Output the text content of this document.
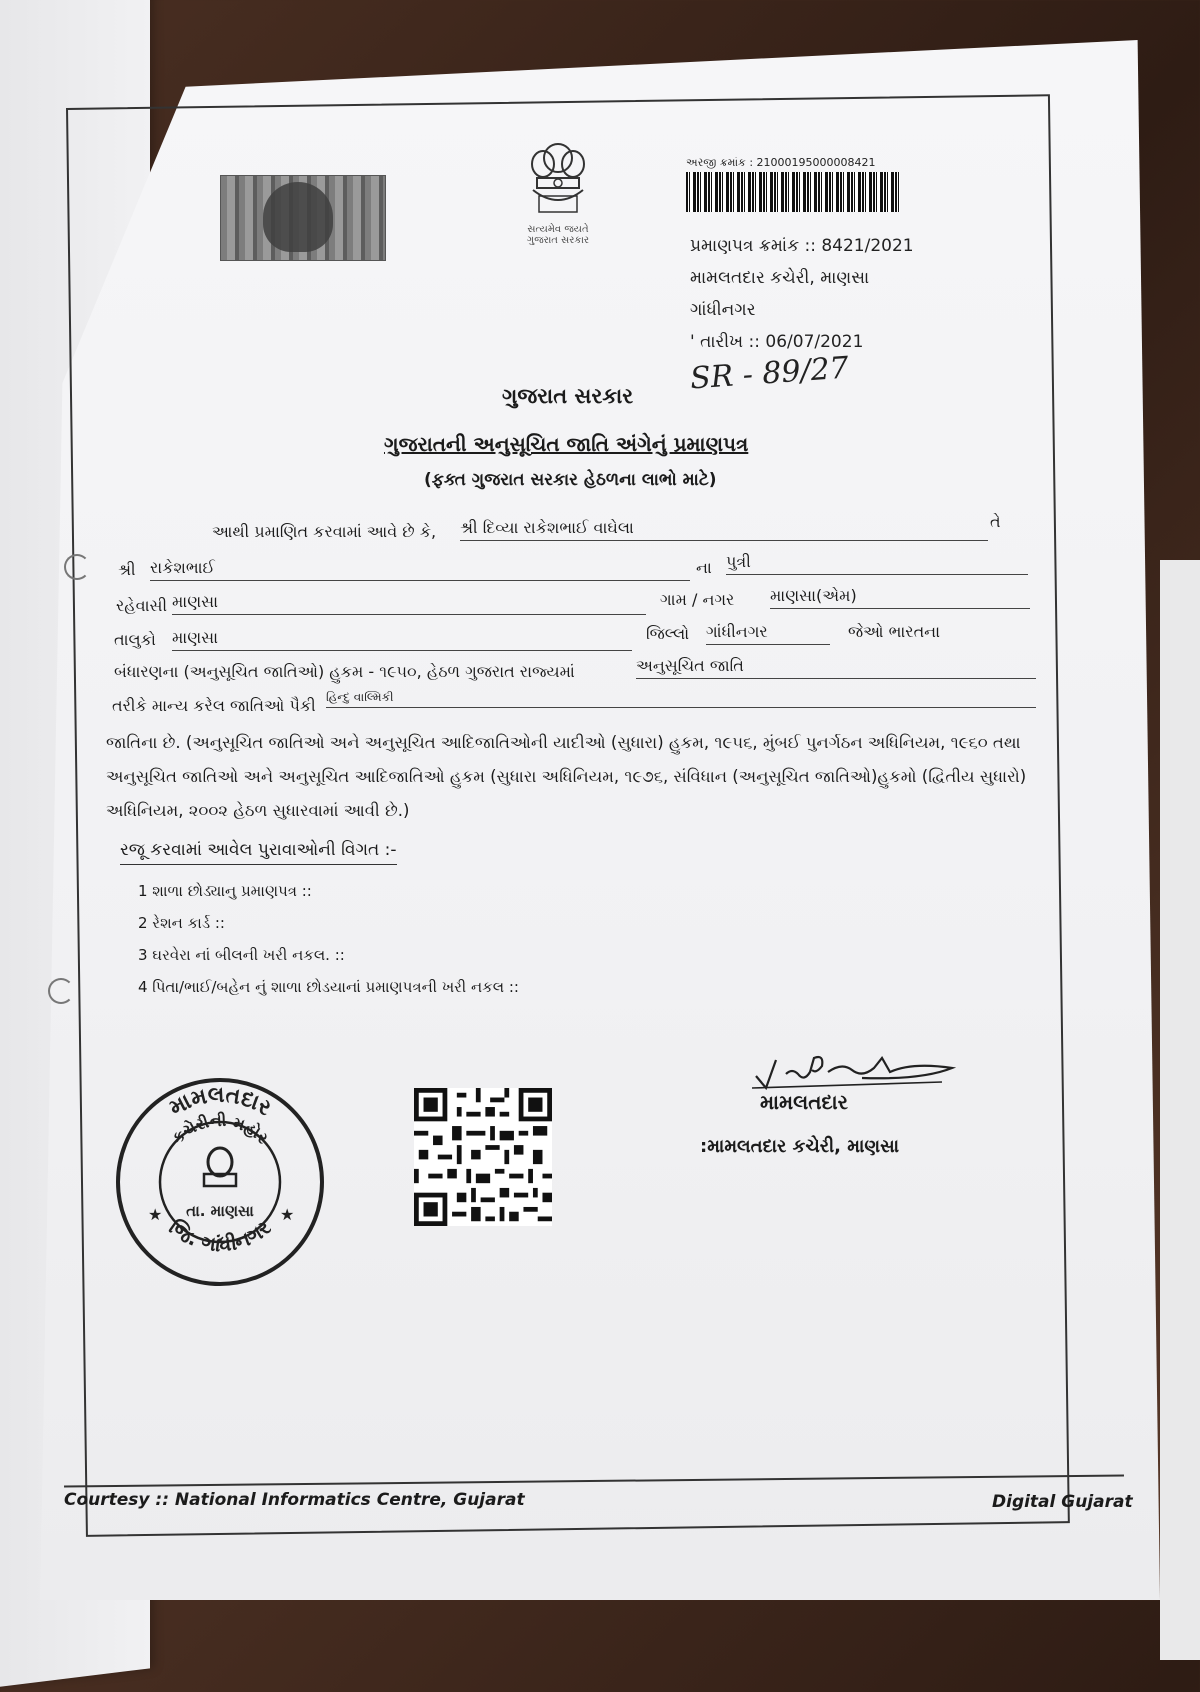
સત્યમેવ જયતે
ગુજરાત સરકાર
અરજી ક્રમાંક : 21000195000008421
પ્રમાણપત્ર ક્રમાંક :: 8421/2021
મામલતદાર કચેરી, માણસા
ગાંધીનગર
' તારીખ :: 06/07/2021
ગુજરાત સરકાર SR - 89/27
ગુજરાતની અનુસૂચિત જાતિ અંગેનું પ્રમાણપત્ર
(ફક્ત ગુજરાત સરકાર હેઠળના લાભો માટે)
આથી પ્રમાણિત કરવામાં આવે છે કે, શ્રી દિવ્યા રાકેશભાઈ વાઘેલા	તે
શ્રી રાકેશભાઈ	ના પુત્રી
રહેવાસી માણસા	ગામ / નગર માણસા(એમ)
તાલુકો માણસા	જિલ્લો ગાંધીનગર	જેઓ ભારતના
બંધારણના (અનુસૂચિત જાતિઓ) હુકમ - ૧૯૫૦, હેઠળ ગુજરાત રાજ્યમાં	અનુસૂચિત જાતિ
તરીકે માન્ય કરેલ જાતિઓ પૈકી હિન્દુ વાલ્મિકી
જાતિના છે. (અનુસૂચિત જાતિઓ અને અનુસૂચિત આદિજાતિઓની યાદીઓ (સુધારા) હુકમ, ૧૯૫૬, મુંબઈ પુનર્ગઠન અધિનિયમ, ૧૯૬૦ તથા
અનુસૂચિત જાતિઓ અને અનુસૂચિત આદિજાતિઓ હુકમ (સુધારા અધિનિયમ, ૧૯૭૬, સંવિધાન (અનુસૂચિત જાતિઓ)હુકમો (દ્વિતીય સુધારો)
અધિનિયમ, ૨૦૦૨ હેઠળ સુધારવામાં આવી છે.)
રજૂ કરવામાં આવેલ પુરાવાઓની વિગત :-
1 શાળા છોડ્યાનુ પ્રમાણપત્ર ::
2 રેશન કાર્ડ ::
3 ઘરવેરા નાં બીલની ખરી નકલ. ::
4 પિતા/ભાઈ/બહેન નું શાળા છોડયાનાં પ્રમાણપત્રની ખરી નકલ ::
મામલતદાર
કચેરીની મહોર
જિ. ગાંધીનગર
તા. માણસા
★	★
મામલતદાર
:મામલતદાર કચેરી, માણસા
Courtesy :: National Informatics Centre, Gujarat	Digital Gujarat
